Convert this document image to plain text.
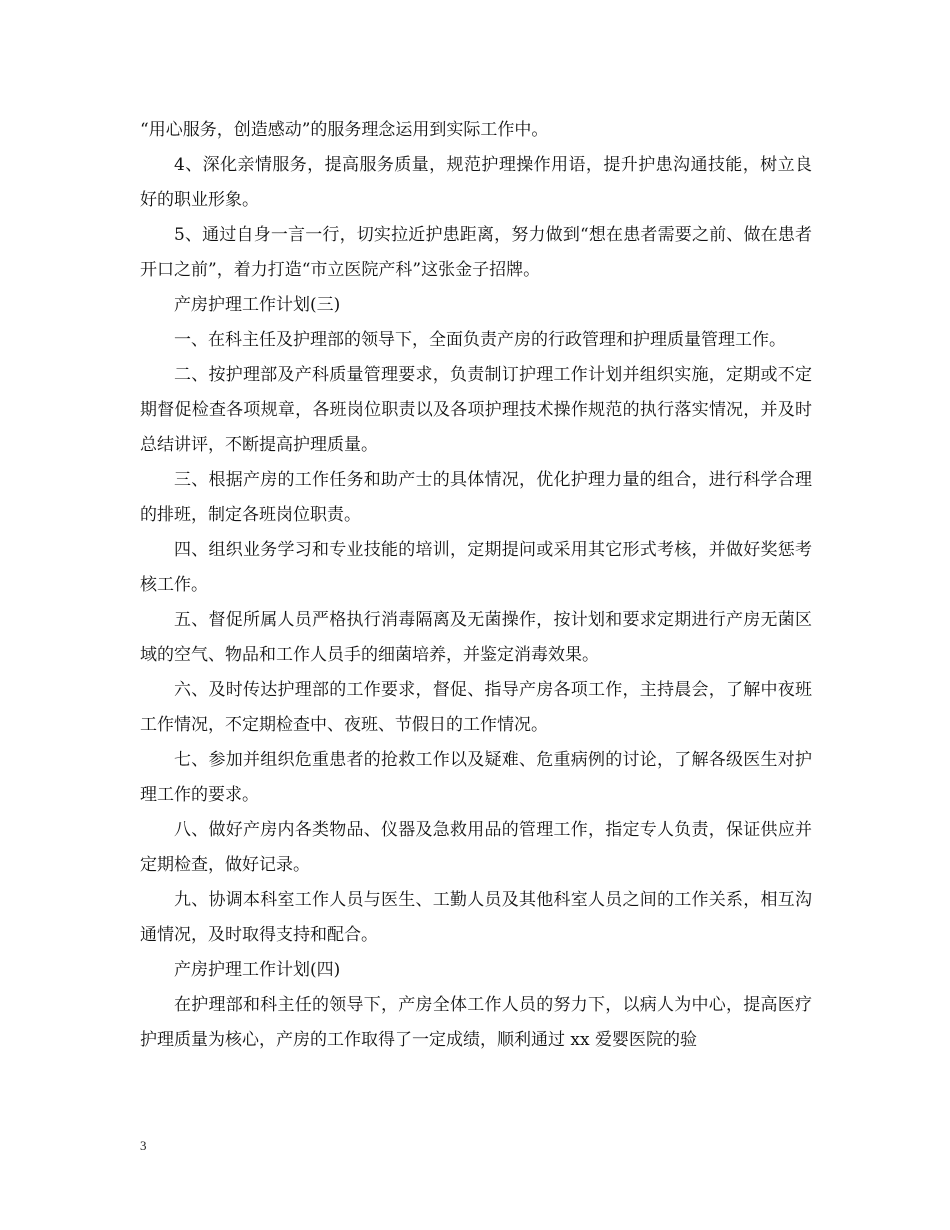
“用心服务，创造感动”的服务理念运用到实际工作中。

4、深化亲情服务，提高服务质量，规范护理操作用语，提升护患沟通技能，树立良好的职业形象。

5、通过自身一言一行，切实拉近护患距离，努力做到“想在患者需要之前、做在患者开口之前”，着力打造“市立医院产科”这张金子招牌。

产房护理工作计划(三)

一、在科主任及护理部的领导下，全面负责产房的行政管理和护理质量管理工作。

二、按护理部及产科质量管理要求，负责制订护理工作计划并组织实施，定期或不定期督促检查各项规章，各班岗位职责以及各项护理技术操作规范的执行落实情况，并及时总结讲评，不断提高护理质量。

三、根据产房的工作任务和助产士的具体情况，优化护理力量的组合，进行科学合理的排班，制定各班岗位职责。

四、组织业务学习和专业技能的培训，定期提问或采用其它形式考核，并做好奖惩考核工作。

五、督促所属人员严格执行消毒隔离及无菌操作，按计划和要求定期进行产房无菌区域的空气、物品和工作人员手的细菌培养，并鉴定消毒效果。

六、及时传达护理部的工作要求，督促、指导产房各项工作，主持晨会，了解中夜班工作情况，不定期检查中、夜班、节假日的工作情况。

七、参加并组织危重患者的抢救工作以及疑难、危重病例的讨论，了解各级医生对护理工作的要求。

八、做好产房内各类物品、仪器及急救用品的管理工作，指定专人负责，保证供应并定期检查，做好记录。

九、协调本科室工作人员与医生、工勤人员及其他科室人员之间的工作关系，相互沟通情况，及时取得支持和配合。

产房护理工作计划(四)

在护理部和科主任的领导下，产房全体工作人员的努力下，以病人为中心，提高医疗护理质量为核心，产房的工作取得了一定成绩，顺利通过 xx 爱婴医院的验

3
